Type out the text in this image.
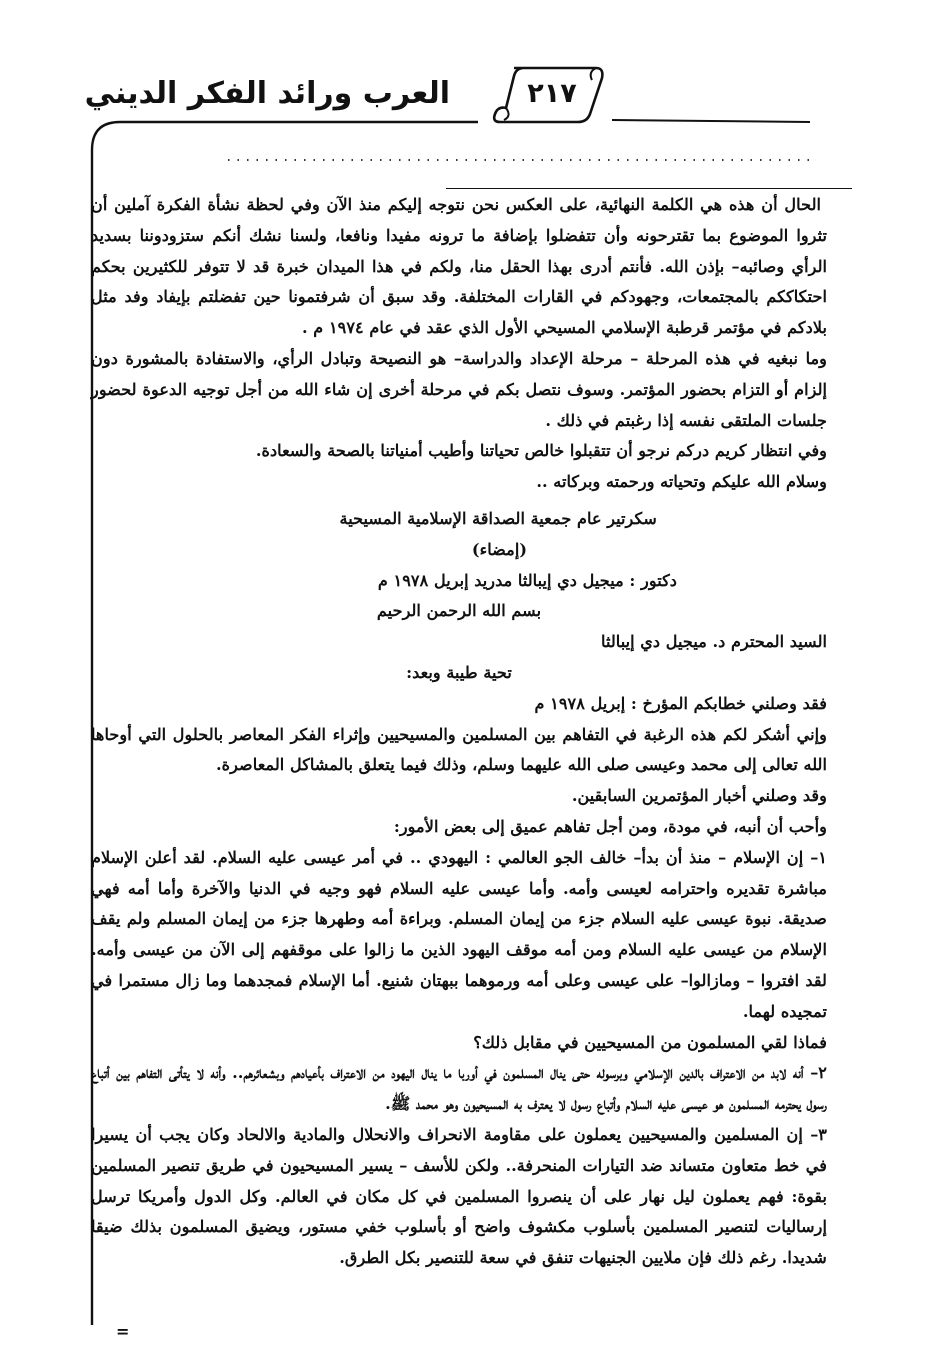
٢١٧
العرب ورائد الفكر الديني

الحال أن هذه هي الكلمة النهائية، على العكس نحن نتوجه إليكم منذ الآن وفي لحظة نشأة الفكرة آملين أن تثروا الموضوع بما تقترحونه وأن تتفضلوا بإضافة ما ترونه مفيدا ونافعا، ولسنا نشك أنكم ستزودوننا بسديد الرأي وصائبه– بإذن الله. فأنتم أدرى بهذا الحقل منا، ولكم في هذا الميدان خبرة قد لا تتوفر للكثيرين بحكم احتكاككم بالمجتمعات، وجهودكم في القارات المختلفة. وقد سبق أن شرفتمونا حين تفضلتم بإيفاد وفد مثل بلادكم في مؤتمر قرطبة الإسلامي المسيحي الأول الذي عقد في عام ١٩٧٤ م .

وما نبغيه في هذه المرحلة – مرحلة الإعداد والدراسة– هو النصيحة وتبادل الرأي، والاستفادة بالمشورة دون إلزام أو التزام بحضور المؤتمر. وسوف نتصل بكم في مرحلة أخرى إن شاء الله من أجل توجيه الدعوة لحضور جلسات الملتقى نفسه إذا رغبتم في ذلك .

وفي انتظار كريم دركم نرجو أن تتقبلوا خالص تحياتنا وأطيب أمنياتنا بالصحة والسعادة.

وسلام الله عليكم وتحياته ورحمته وبركاته ..

سكرتير عام جمعية الصداقة الإسلامية المسيحية

(إمضاء)

دكتور : ميجيل دي إيبالثا مدريد إبريل ١٩٧٨ م

بسم الله الرحمن الرحيم

السيد المحترم د. ميجيل دي إيبالثا

تحية طيبة وبعد:

فقد وصلني خطابكم المؤرخ : إبريل ١٩٧٨ م

وإني أشكر لكم هذه الرغبة في التفاهم بين المسلمين والمسيحيين وإثراء الفكر المعاصر بالحلول التي أوحاها الله تعالى إلى محمد وعيسى صلى الله عليهما وسلم، وذلك فيما يتعلق بالمشاكل المعاصرة.

وقد وصلني أخبار المؤتمرين السابقين.

وأحب أن أنبه، في مودة، ومن أجل تفاهم عميق إلى بعض الأمور:

١– إن الإسلام – منذ أن بدأ– خالف الجو العالمي : اليهودي .. في أمر عيسى عليه السلام. لقد أعلن الإسلام مباشرة تقديره واحترامه لعيسى وأمه. وأما عيسى عليه السلام فهو وجيه في الدنيا والآخرة وأما أمه فهي صديقة. نبوة عيسى عليه السلام جزء من إيمان المسلم. وبراءة أمه وطهرها جزء من إيمان المسلم ولم يقف الإسلام من عيسى عليه السلام ومن أمه موقف اليهود الذين ما زالوا على موقفهم إلى الآن من عيسى وأمه. لقد افتروا – ومازالوا– على عيسى وعلى أمه ورموهما ببهتان شنيع. أما الإسلام فمجدهما وما زال مستمرا في تمجيده لهما.

فماذا لقي المسلمون من المسيحيين في مقابل ذلك؟

٢– أنه لابد من الاعتراف بالدين الإسلامي وبرسوله حتى ينال المسلمون في أوربا ما ينال اليهود من الاعتراف بأعيادهم وبشعائرهم.. وأنه لا يتأتى التفاهم بين أتباع رسول يحترمه المسلمون هو عيسى عليه السلام وأتباع رسول لا يعترف به المسيحيون وهو محمد ﷺ.

٣– إن المسلمين والمسيحيين يعملون على مقاومة الانحراف والانحلال والمادية والالحاد وكان يجب أن يسيرا في خط متعاون متساند ضد التيارات المنحرفة.. ولكن للأسف – يسير المسيحيون في طريق تنصير المسلمين بقوة: فهم يعملون ليل نهار على أن ينصروا المسلمين في كل مكان في العالم. وكل الدول وأمريكا ترسل إرساليات لتنصير المسلمين بأسلوب مكشوف واضح أو بأسلوب خفي مستور، ويضيق المسلمون بذلك ضيقا شديدا. رغم ذلك فإن ملايين الجنيهات تنفق في سعة للتنصير بكل الطرق.

=
